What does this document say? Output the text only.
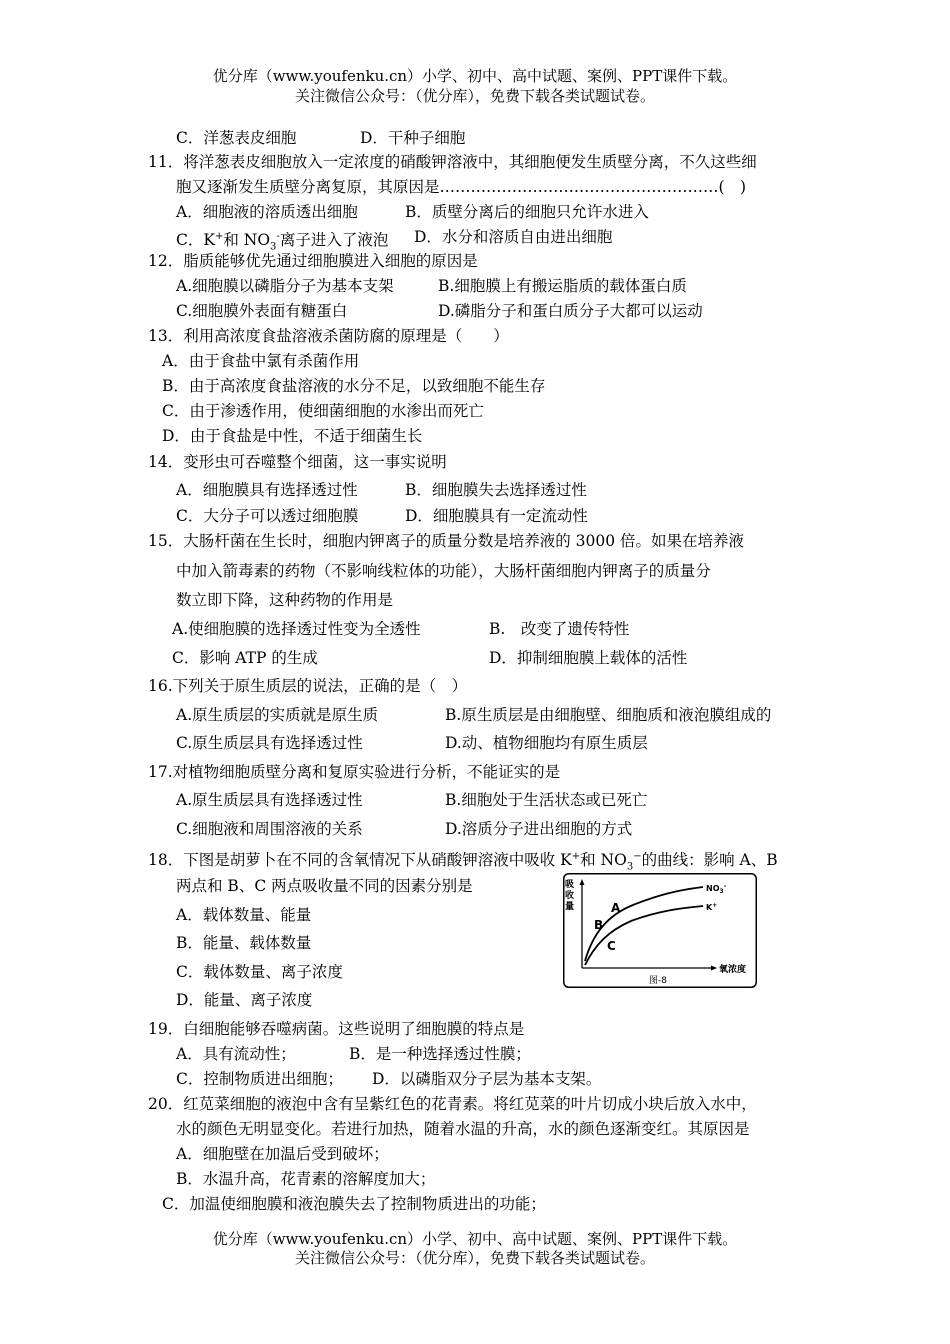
优分库（www.youfenku.cn）小学、初中、高中试题、案例、PPT课件下载。
关注微信公众号：（优分库），免费下载各类试题试卷。
C．洋葱表皮细胞	D．干种子细胞
11．将洋葱表皮细胞放入一定浓度的硝酸钾溶液中，其细胞便发生质壁分离，不久这些细
胞又逐渐发生质壁分离复原，其原因是………………………………………………(　)
A．细胞液的溶质透出细胞	B．质壁分离后的细胞只允许水进入
C．K+和 $NO_3^-$离子进入了液泡 D．水分和溶质自由进出细胞
12．脂质能够优先通过细胞膜进入细胞的原因是
A.细胞膜以磷脂分子为基本支架	B.细胞膜上有搬运脂质的载体蛋白质
C.细胞膜外表面有糖蛋白	D.磷脂分子和蛋白质分子大都可以运动
13．利用高浓度食盐溶液杀菌防腐的原理是（　　）
A．由于食盐中氯有杀菌作用
B．由于高浓度食盐溶液的水分不足，以致细胞不能生存
C．由于渗透作用，使细菌细胞的水渗出而死亡
D．由于食盐是中性，不适于细菌生长
14．变形虫可吞噬整个细菌，这一事实说明
A．细胞膜具有选择透过性	B．细胞膜失去选择透过性
C．大分子可以透过细胞膜	D．细胞膜具有一定流动性
15．大肠杆菌在生长时，细胞内钾离子的质量分数是培养液的 3000 倍。如果在培养液
中加入箭毒素的药物（不影响线粒体的功能），大肠杆菌细胞内钾离子的质量分
数立即下降，这种药物的作用是
A.使细胞膜的选择透过性变为全透性	B.　改变了遗传特性
C．影响 ATP 的生成	D．抑制细胞膜上载体的活性
16.下列关于原生质层的说法，正确的是（　）
A.原生质层的实质就是原生质	B.原生质层是由细胞壁、细胞质和液泡膜组成的
C.原生质层具有选择透过性	D.动、植物细胞均有原生质层
17.对植物细胞质壁分离和复原实验进行分析，不能证实的是
A.原生质层具有选择透过性	B.细胞处于生活状态或已死亡
C.细胞液和周围溶液的关系	D.溶质分子进出细胞的方式
18．下图是胡萝卜在不同的含氧情况下从硝酸钾溶液中吸收 K+和 $NO_3^-$的曲线：影响 A、B
两点和 B、C 两点吸收量不同的因素分别是
A．载体数量、能量
B．能量、载体数量
C．载体数量、离子浓度
D．能量、离子浓度
吸
收
量
氧浓度
$NO_3^-$
K+
A
B
C
图-8
19．白细胞能够吞噬病菌。这些说明了细胞膜的特点是
A．具有流动性；	B．是一种选择透过性膜；
C．控制物质进出细胞； D．以磷脂双分子层为基本支架。
20．红苋菜细胞的液泡中含有呈紫红色的花青素。将红苋菜的叶片切成小块后放入水中，
水的颜色无明显变化。若进行加热，随着水温的升高，水的颜色逐渐变红。其原因是
A．细胞壁在加温后受到破坏；
B．水温升高，花青素的溶解度加大；
C．加温使细胞膜和液泡膜失去了控制物质进出的功能；
优分库（www.youfenku.cn）小学、初中、高中试题、案例、PPT课件下载。
关注微信公众号：（优分库），免费下载各类试题试卷。
